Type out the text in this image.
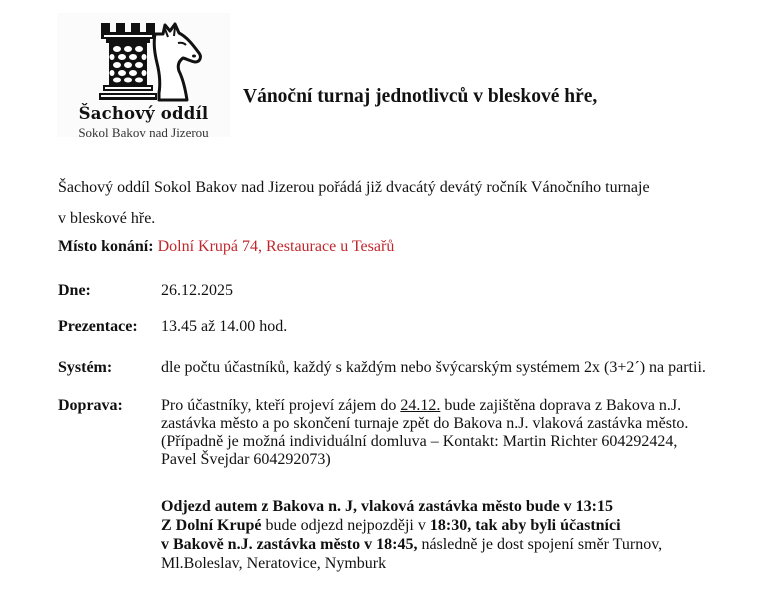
Šachový oddíl
Sokol Bakov nad Jizerou
Vánoční turnaj jednotlivců v bleskové hře,
Šachový oddíl Sokol Bakov nad Jizerou pořádá již dvacátý devátý ročník Vánočního turnaje
v bleskové hře.
Místo konání: Dolní Krupá 74, Restaurace u Tesařů
Dne:	26.12.2025
Prezentace: 13.45 až 14.00 hod.
Systém:	dle počtu účastníků, každý s každým nebo švýcarským systémem 2x (3+2´) na partii.
Doprava: Pro účastníky, kteří projeví zájem do 24.12. bude zajištěna doprava z Bakova n.J. zastávka město a po skončení turnaje zpět do Bakova n.J. vlaková zastávka město. (Případně je možná individuální domluva – Kontakt: Martin Richter 604292424, Pavel Švejdar 604292073)
Odjezd autem z Bakova n. J, vlaková zastávka město bude v 13:15
Z Dolní Krupé bude odjezd nejpozději v 18:30, tak aby byli účastníci
v Bakově n.J. zastávka město v 18:45, následně je dost spojení směr Turnov,
Ml.Boleslav, Neratovice, Nymburk
